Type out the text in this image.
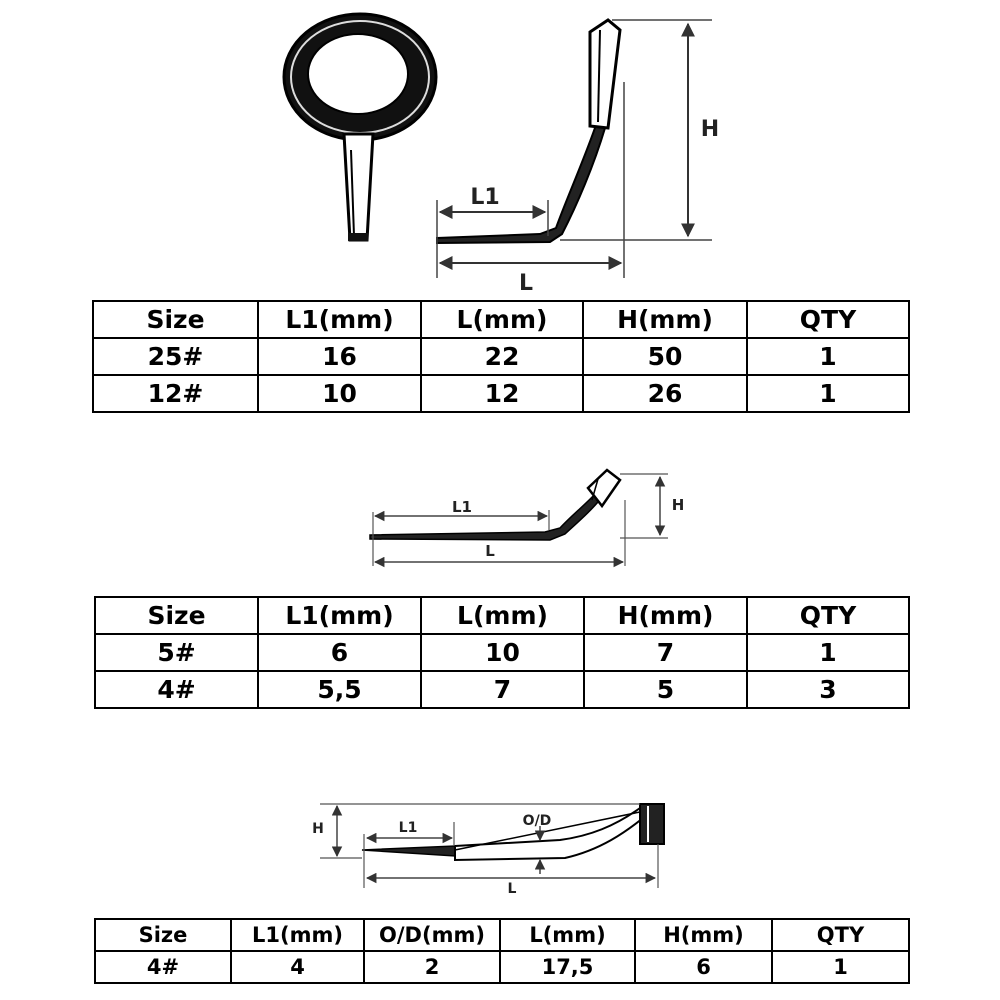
L1
L
H
L1
L
H
H	L1	O/D
L
Size	L1(mm)	L(mm)	H(mm)	QTY
25#	16	22	50	1
12#	10	12	26	1
Size	L1(mm)	L(mm)	H(mm)	QTY
5#	6	10	7	1
4#	5,5	7	5	3
Size	L1(mm)	O/D(mm)	L(mm)	H(mm)	QTY
4#	4	2	17,5	6	1
